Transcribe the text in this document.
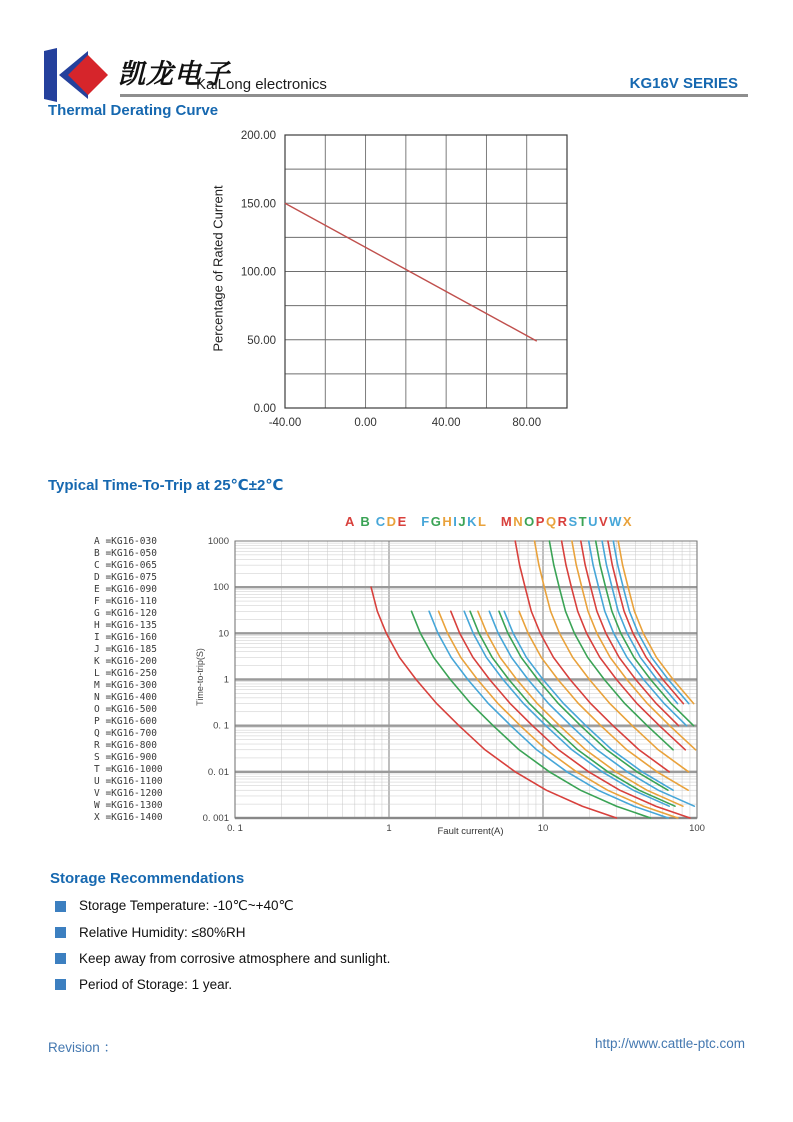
凯龙电子
KaiLong electronics	KG16V SERIES
Thermal Derating Curve
-40.00	0.00	40.00	80.00
0.00
50.00
100.00
150.00
200.00
Percentage of Rated Current
Typical Time-To-Trip at 25℃±2℃
A B CDE FGHIJKL MNOPQRSTUVWX
A =KG16-030
B =KG16-050
C =KG16-065
D =KG16-075
E =KG16-090
F =KG16-110
G =KG16-120
H =KG16-135
I =KG16-160
J =KG16-185
K =KG16-200
L =KG16-250
M =KG16-300
N =KG16-400
O =KG16-500
P =KG16-600
Q =KG16-700
R =KG16-800
S =KG16-900
T =KG16-1000
U =KG16-1100
V =KG16-1200
W =KG16-1300
X =KG16-1400
1000
100
10
1
0. 1
0. 01
0. 001
0. 1	1	10	100
Time-to-trip(S)
Fault current(A)
Storage Recommendations
Storage Temperature: -10℃~+40℃
Relative Humidity: ≤80%RH
Keep away from corrosive atmosphere and sunlight.
Period of Storage: 1 year.
Revision ：	http://www.cattle-ptc.com
